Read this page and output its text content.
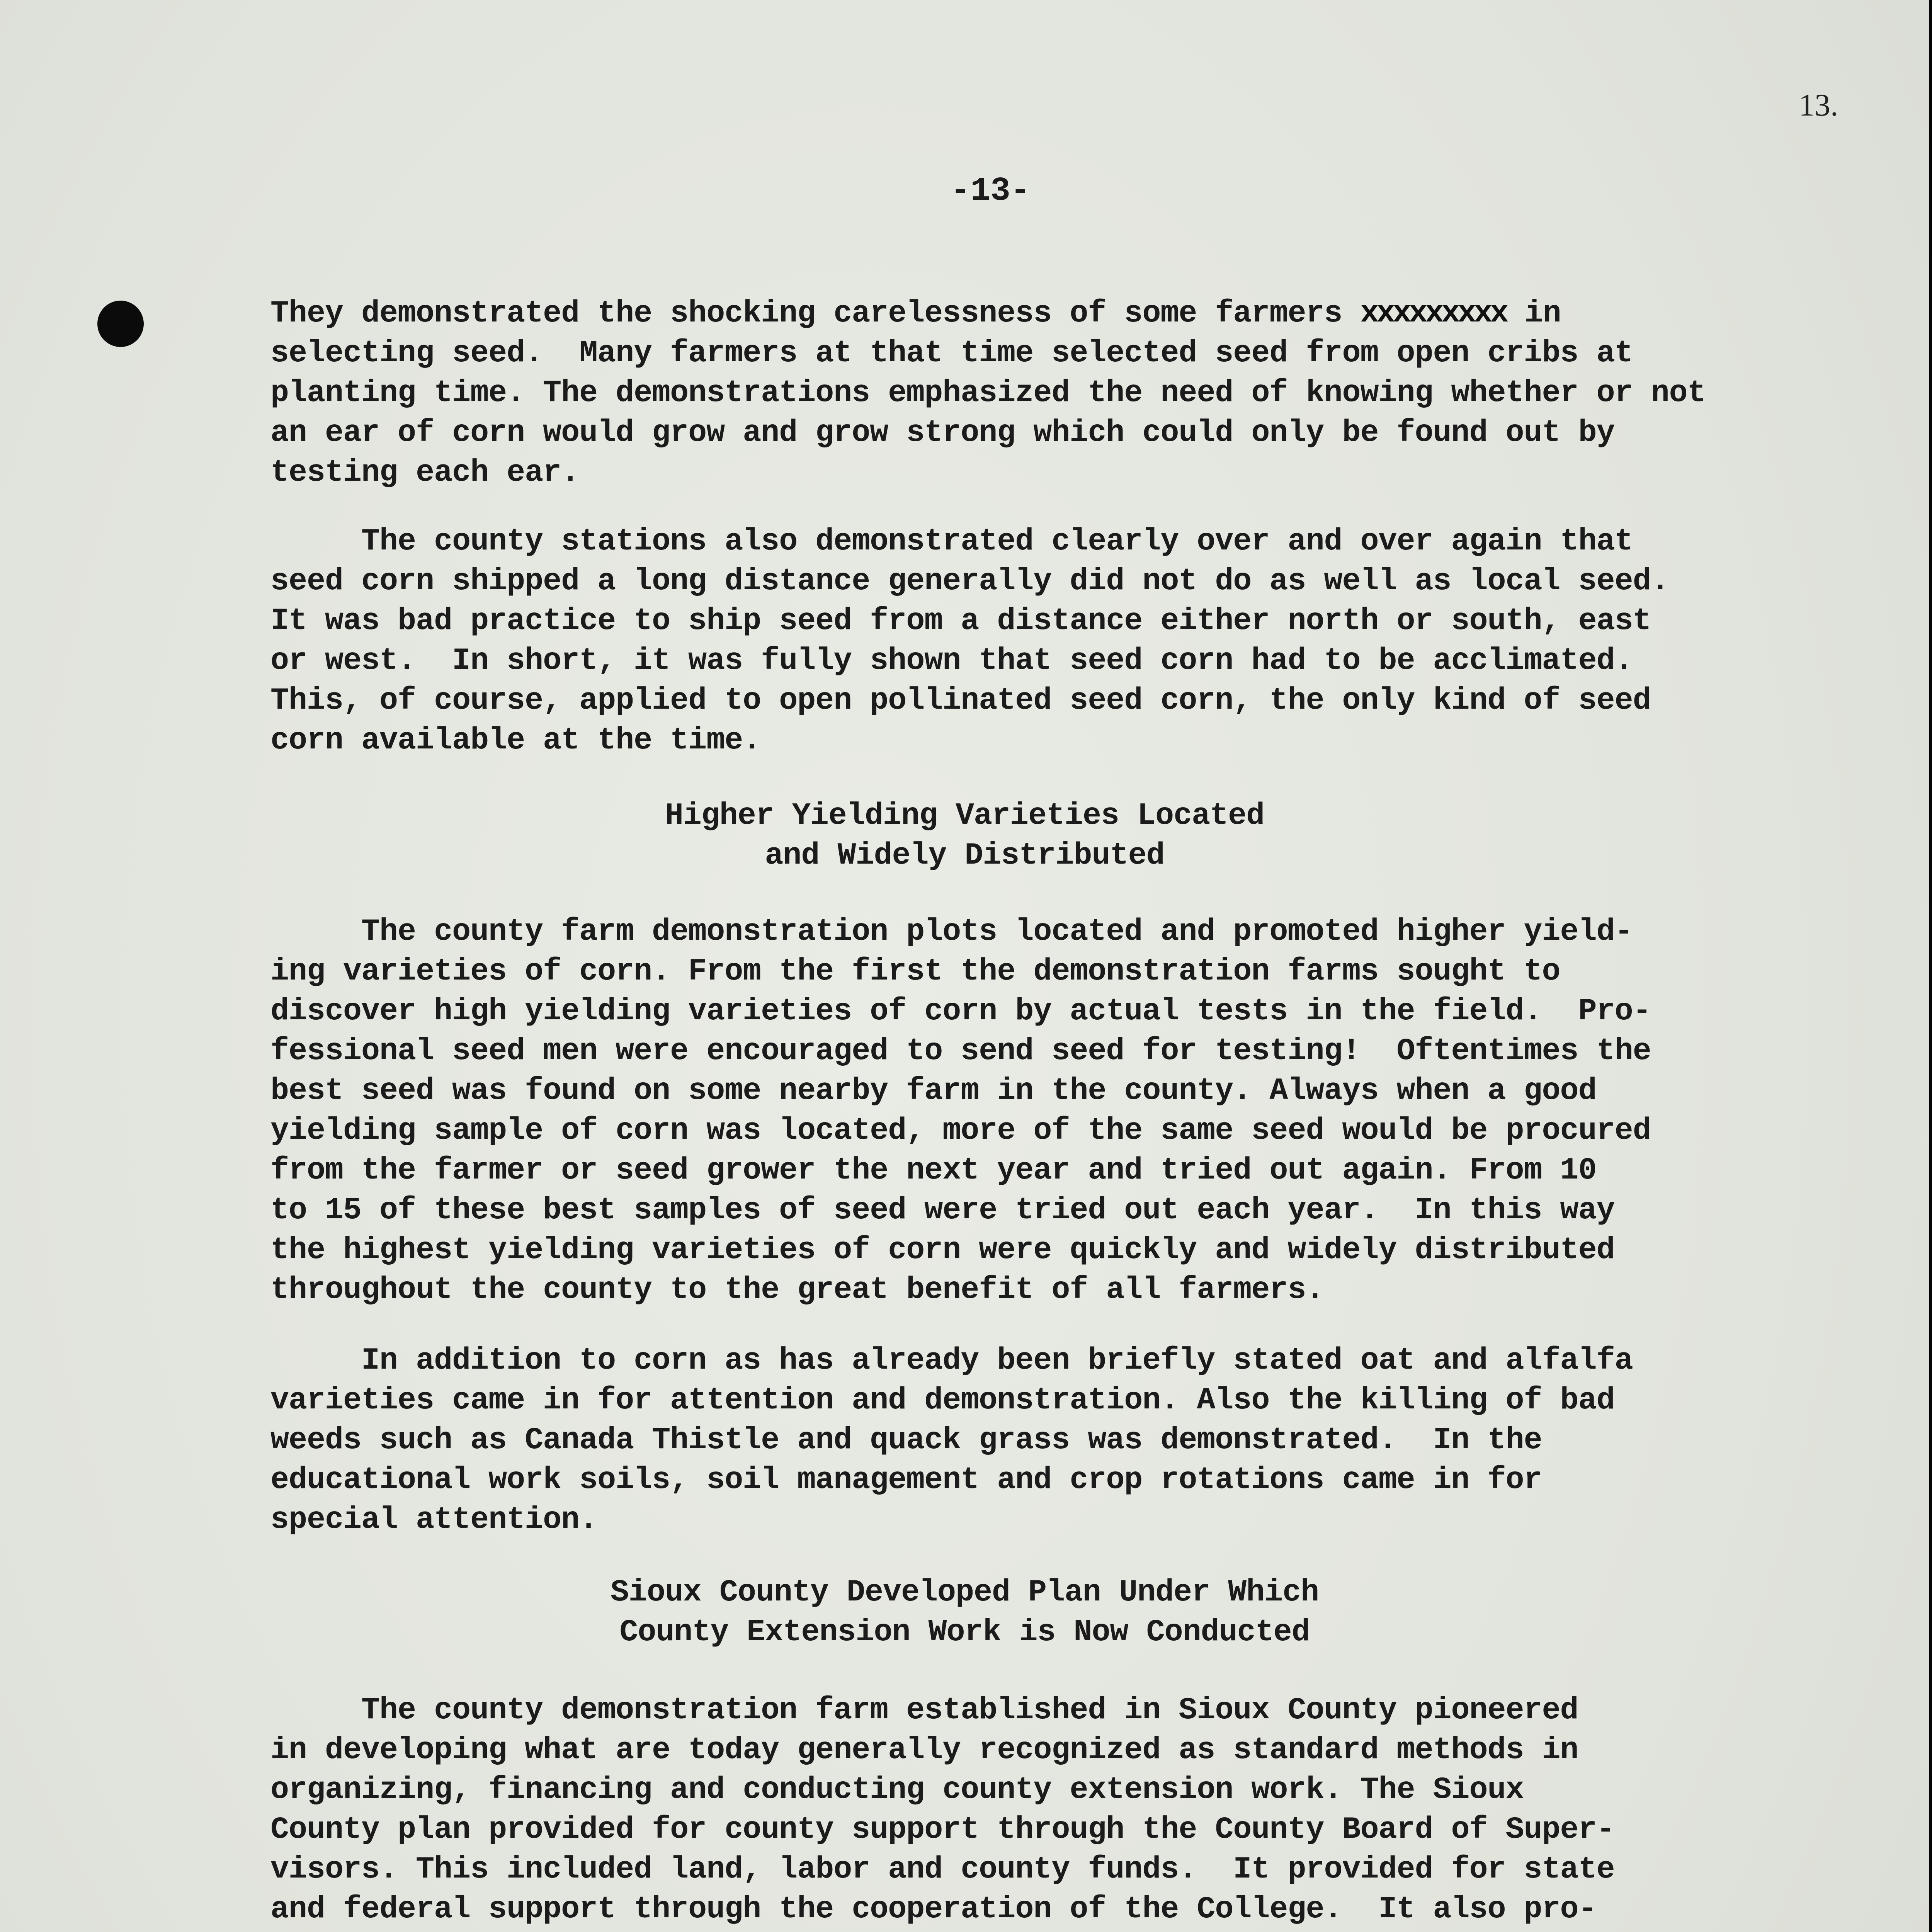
13.
-13-
They demonstrated the shocking carelessness of some farmers xxxxxxxxx in
selecting seed.  Many farmers at that time selected seed from open cribs at
planting time. The demonstrations emphasized the need of knowing whether or not
an ear of corn would grow and grow strong which could only be found out by
testing each ear.
The county stations also demonstrated clearly over and over again that
seed corn shipped a long distance generally did not do as well as local seed.
It was bad practice to ship seed from a distance either north or south, east
or west.  In short, it was fully shown that seed corn had to be acclimated.
This, of course, applied to open pollinated seed corn, the only kind of seed
corn available at the time.
Higher Yielding Varieties Located
and Widely Distributed
The county farm demonstration plots located and promoted higher yield-
ing varieties of corn. From the first the demonstration farms sought to
discover high yielding varieties of corn by actual tests in the field.  Pro-
fessional seed men were encouraged to send seed for testing!  Oftentimes the
best seed was found on some nearby farm in the county. Always when a good
yielding sample of corn was located, more of the same seed would be procured
from the farmer or seed grower the next year and tried out again. From 10
to 15 of these best samples of seed were tried out each year.  In this way
the highest yielding varieties of corn were quickly and widely distributed
throughout the county to the great benefit of all farmers.
In addition to corn as has already been briefly stated oat and alfalfa
varieties came in for attention and demonstration. Also the killing of bad
weeds such as Canada Thistle and quack grass was demonstrated.  In the
educational work soils, soil management and crop rotations came in for
special attention.
Sioux County Developed Plan Under Which
County Extension Work is Now Conducted
The county demonstration farm established in Sioux County pioneered
in developing what are today generally recognized as standard methods in
organizing, financing and conducting county extension work. The Sioux
County plan provided for county support through the County Board of Super-
visors. This included land, labor and county funds.  It provided for state
and federal support through the cooperation of the College.  It also pro-
